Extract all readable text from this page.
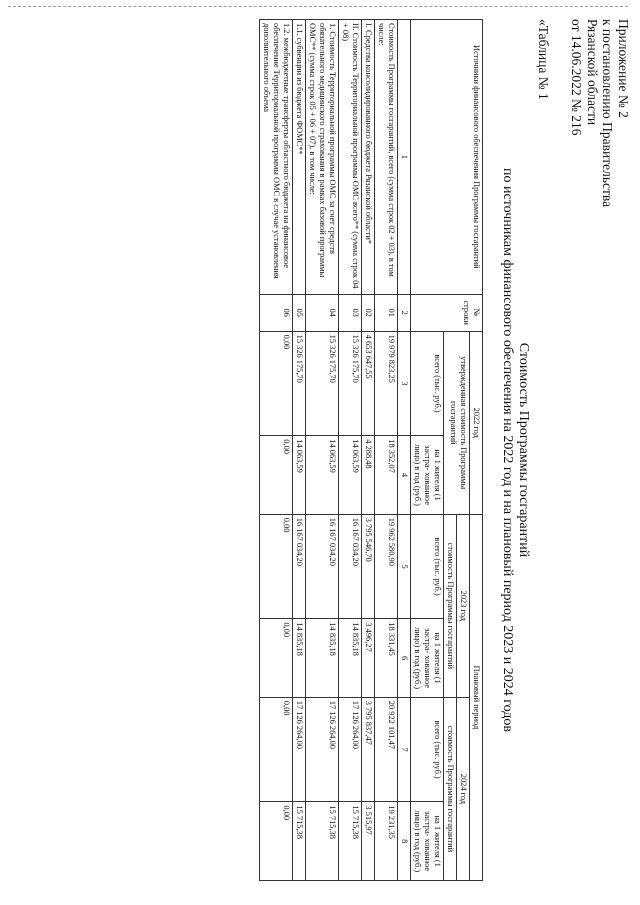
Приложение № 2
к постановлению Правительства
Рязанской области
от 14.06.2022 № 216
«Таблица № 1
Стоимость Программы госгарантий
по источникам финансового обеспечения на 2022 год и на плановый период 2023 и 2024 годов
Источники финансового обеспечения Программы госгарантий	№ строки	2022 год		Плановый период			
		утвержденная стоимость Программы госгарантий		2023 год		2024 год	
				стоимость Программы госгарантий		стоимость Программы госгарантий	
		всего (тыс. руб.)	на 1 жителя (1 застра- хованное лицо) в год (руб.)	всего (тыс. руб.)	на 1 жителя (1 застра- хованное лицо) в год (руб.)	всего (тыс. руб.)	на 1 жителя (1 застра- хованное лицо) в год (руб.)
1	2	3	4	5	6	7	8
Стоимость Программы госгарантий, всего (сумма строк 02 + 03), в том числе:	01	19 979 823,25	18 352,07	19 962 580,90	18 331,45	20 922 101,47	19 231,35
I. Средства консолидированного бюджета Рязанской области*	02	4 653 647,55	4 288,48	3 795 546,70	3 496,27	3 795 837,47	3 515,97
II. Стоимость Территориальной программы ОМС всего** (сумма строк 04 + 08)	03	15 326 175,70	14 063,59	16 167 034,20	14 835,18	17 126 264,00	15 715,38
1. Стоимость Территориальной программы ОМС за счет средств обязательного медицинского страхования в рамках базовой программы ОМС** (сумма строк 05 + 06 + 07), в том числе:	04	15 326 175,70	14 063,59	16 167 034,20	14 835,18	17 126 264,00	15 715,38
1.1. субвенции из бюджета ФОМС**	05	15 326 175,70	14 063,59	16 167 034,20	14 835,18	17 126 264,00	15 715,38
1.2. межбюджетные трансферты областного бюджета на финансовое обеспечение Территориальной программы ОМС в случае установления дополнительного объема	06	0,00	0,00	0,00	0,00	0,00	0,00
